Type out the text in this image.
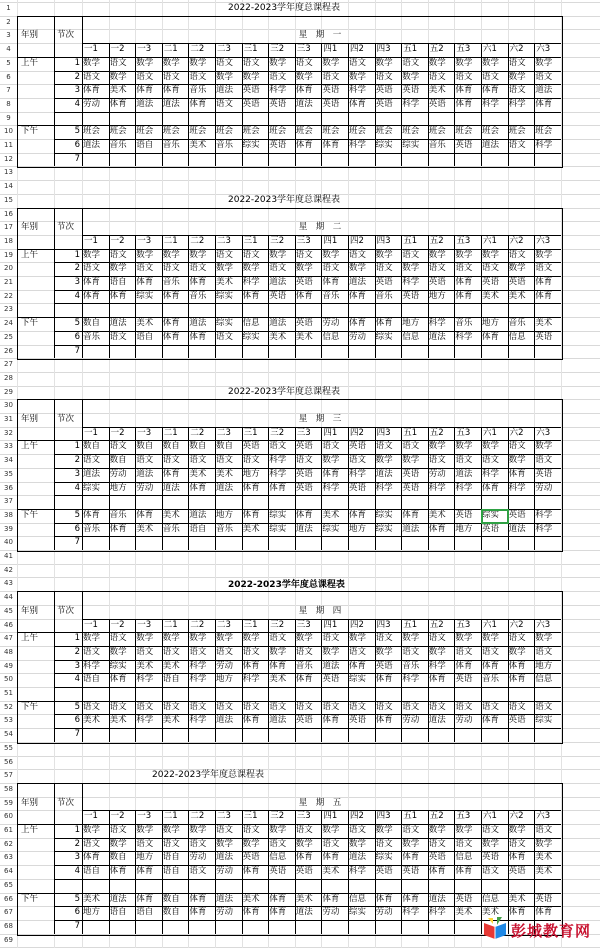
1
2
3
4
5
6
7
8
9
10
11
12
13
14
15
16
17
18
19
20
21
22
23
24
25
26
27
28
29
30
31
32
33
34
35
36
37
38
39
40
41
42
43
44
45
46
47
48
49
50
51
52
53
54
55
56
57
58
59
60
61
62
63
64
65
66
67
68
69
2022-2023学年度总课程表
年别 节次	星　期　一
一1 一2 一3 二1 二2 二3 三1 三2 三3 四1 四2 四3 五1 五2 五3 六1 六2 六3
上午	1 数学	语文	数学	数学	数学	语文	语文	数学	语文	数学	语文	数学	语文	数学	数学	数学	语文	数学
2 语文	数学	语文	语文	语文	数学	数学	语文	数学	语文	数学	语文	数学	语文	语文	语文	数学	语文
3 体育	美术	体育	体育	音乐	道法	英语	科学	体育	英语	科学	英语	英语	美术	体育	体育	语文	道法
4 劳动	体育	道法	道法	体育	语文	英语	英语	道法	英语	体育	英语	科学	英语	体育	科学	科学	体育
下午	5 班会	班会	班会	班会	班会	班会	班会	班会	班会	班会	班会	班会	班会	班会	班会	班会	班会	班会
6 道法	音乐	语自	音乐	美术	音乐	综实	英语	体育	体育	科学	综实	综实	音乐	英语	道法	语文	科学
7
2022-2023学年度总课程表
年别 节次	星　期　二
一1 一2 一3 二1 二2 二3 三1 三2 三3 四1 四2 四3 五1 五2 五3 六1 六2 六3
上午	1 数学	语文	数学	数学	数学	语文	语文	数学	语文	数学	语文	数学	语文	数学	数学	数学	语文	数学
2 语文	数学	语文	语文	语文	数学	数学	语文	数学	语文	数学	语文	数学	语文	语文	语文	数学	语文
3 体育	语自	体育	音乐	体育	美术	科学	道法	英语	体育	道法	英语	科学	英语	体育	英语	英语	体育
4 体育	体育	综实	体育	音乐	综实	体育	英语	体育	音乐	体育	音乐	英语	地方	体育	美术	美术	体育
下午	5 数自	道法	美术	体育	道法	综实	信息	道法	英语	劳动	体育	体育	地方	科学	音乐	地方	音乐	美术
6 音乐	语文	语自	体育	体育	语文	综实	美术	美术	信息	劳动	综实	信息	道法	科学	体育	信息	英语
7
2022-2023学年度总课程表
年别 节次	星　期　三
一1 一2 一3 二1 二2 二3 三1 三2 三3 四1 四2 四3 五1 五2 五3 六1 六2 六3
上午	1 数自	语文	数自	数自	数自	数自	英语	语文	英语	语文	英语	语文	语文	数学	数学	数学	语文	数学
2 语文	数自	语文	语文	语文	语文	语文	科学	语文	数学	语文	数学	数学	语文	语文	语文	数学	语文
3 道法	劳动	道法	体育	美术	美术	地方	科学	英语	体育	科学	道法	英语	劳动	道法	科学	体育	英语
4 综实	地方	劳动	道法	体育	道法	体育	体育	英语	科学	英语	科学	英语	科学	科学	体育	科学	劳动
下午	5 体育	音乐	体育	美术	道法	地方	体育	综实	体育	美术	体育	综实	体育	美术	英语	综实	英语	科学
6 音乐	体育	美术	音乐	语自	音乐	美术	综实	道法	综实	地方	综实	道法	体育	地方	英语	道法	科学
7
2022-2023学年度总课程表
年别 节次	星　期　四
一1 一2 一3 二1 二2 二3 三1 三2 三3 四1 四2 四3 五1 五2 五3 六1 六2 六3
上午	1 数学	语文	数学	数学	数学	数学	数学	语文	数学	语文	数学	语文	数学	语文	数学	数学	语文	数学
2 语文	数学	语文	语文	语文	语文	语文	数学	语文	数学	语文	数学	语文	数学	语文	语文	数学	语文
3 科学	综实	美术	美术	科学	劳动	体育	体育	音乐	道法	体育	英语	音乐	科学	体育	体育	体育	地方
4 语自	体育	科学	语自	科学	地方	科学	美术	体育	英语	综实	体育	科学	体育	英语	音乐	体育	信息
下午	5 语文	语文	语文	语文	语文	语文	语文	语文	语文	语文	语文	语文	语文	语文	语文	语文	语文	语文
6 美术	美术	科学	美术	科学	道法	体育	道法	英语	体育	英语	体育	劳动	道法	劳动	体育	英语	综实
7
2022-2023学年度总课程表
年别 节次	星　期　五
一1 一2 一3 二1 二2 二3 三1 三2 三3 四1 四2 四3 五1 五2 五3 六1 六2 六3
上午	1 数学	语文	数学	数学	数学	语文	语文	数学	语文	数学	语文	数学	语文	数学	数学	语文	数学	语文
2 语文	数学	语文	语文	语文	数学	数学	语文	数学	语文	数学	语文	数学	语文	语文	数学	语文	数学
3 体育	数自	地方	语自	劳动	道法	英语	信息	体育	体育	道法	综实	体育	英语	信息	英语	体育	美术
4 语自	体育	体育	语自	语文	劳动	体育	英语	英语	美术	科学	英语	英语	体育	体育	语文	英语	美术
下午	5 美术	道法	体育	数自	体育	道法	美术	体育	美术	体育	信息	体育	体育	道法	英语	信息	美术	英语
6 地方	语自	语自	数自	体育	劳动	体育	体育	道法	劳动	综实	劳动	科学	科学	美术	美术	体育	体育
7	彭城教育网
